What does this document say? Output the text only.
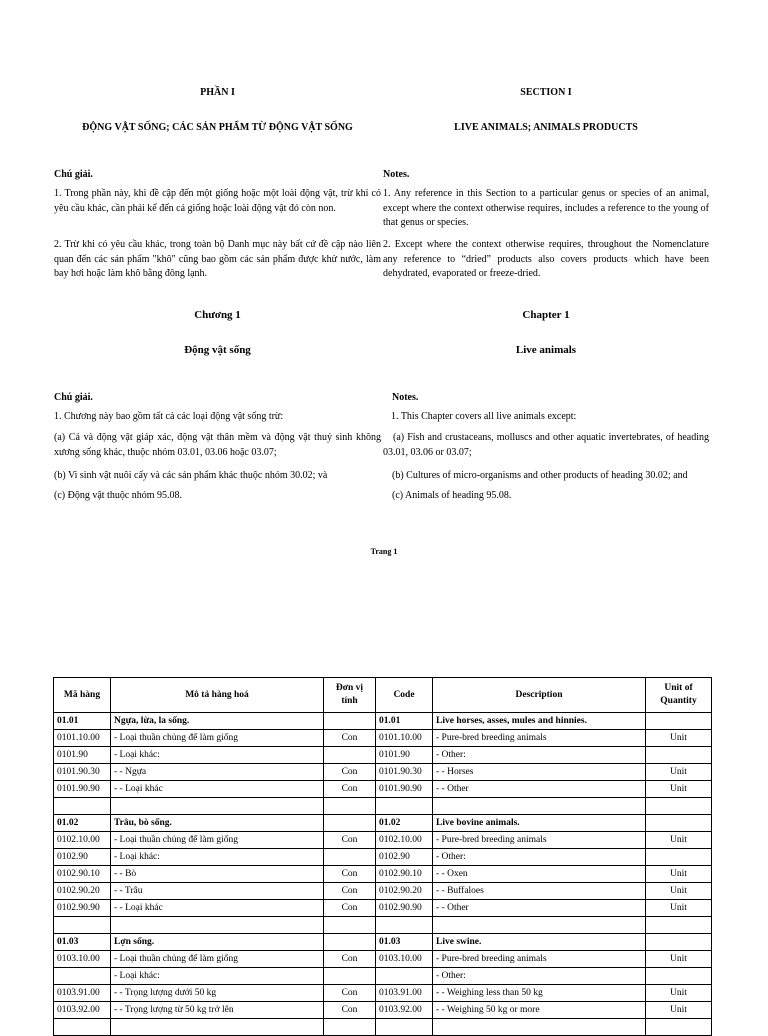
PHẦN I	SECTION I
ĐỘNG VẬT SỐNG; CÁC SẢN PHẨM TỪ ĐỘNG VẬT SỐNG	LIVE ANIMALS; ANIMALS PRODUCTS
Chú giải.	Notes.
1. Trong phần này, khi đề cập đến một giống hoặc một loài động vật, trừ khi có yêu cầu khác, cần phải kể đến cả giống hoặc loài động vật đó còn non.
1. Any reference in this Section to a particular genus or species of an animal, except where the context otherwise requires, includes a reference to the young of that genus or species.
2. Trừ khi có yêu cầu khác, trong toàn bộ Danh mục này bất cứ đề cập nào liên quan đến các sản phẩm "khô" cũng bao gồm các sản phẩm được khử nước, làm bay hơi hoặc làm khô bằng đông lạnh.
2. Except where the context otherwise requires, throughout the Nomenclature any reference to “dried” products also covers products which have been dehydrated, evaporated or freeze-dried.
Chương 1	Chapter 1
Động vật sống	Live animals
Chú giải.	Notes.
1. Chương này bao gồm tất cả các loại động vật sống trừ:	1. This Chapter covers all live animals except:
(a) Cá và động vật giáp xác, động vật thân mềm và động vật thuỷ sinh không xương sống khác, thuộc nhóm 03.01, 03.06 hoặc 03.07;
(a) Fish and crustaceans, molluscs and other aquatic invertebrates, of heading 03.01, 03.06 or 03.07;
(b) Vi sinh vật nuôi cấy và các sản phẩm khác thuộc nhóm 30.02; và	(b) Cultures of micro-organisms and other products of heading 30.02; and
(c) Động vật thuộc nhóm 95.08.	(c) Animals of heading 95.08.
Trang 1
Mã hàng	Mô tả hàng hoá	Đơn vị tính	Code	Description	Unit of Quantity
01.01	Ngựa, lừa, la sống.		01.01	Live horses, asses, mules and hinnies.	
0101.10.00	- Loại thuần chủng để làm giống	Con	0101.10.00	- Pure-bred breeding animals	Unit
0101.90	- Loại khác:		0101.90	- Other:	
0101.90.30	- - Ngựa	Con	0101.90.30	- - Horses	Unit
0101.90.90	- - Loại khác	Con	0101.90.90	- - Other	Unit

01.02	Trâu, bò sống.		01.02	Live bovine animals.	
0102.10.00	- Loại thuần chủng để làm giống	Con	0102.10.00	- Pure-bred breeding animals	Unit
0102.90	- Loại khác:		0102.90	- Other:	
0102.90.10	- - Bò	Con	0102.90.10	- - Oxen	Unit
0102.90.20	- - Trâu	Con	0102.90.20	- - Buffaloes	Unit
0102.90.90	- - Loại khác	Con	0102.90.90	- - Other	Unit

01.03	Lợn sống.		01.03	Live swine.	
0103.10.00	- Loại thuần chủng để làm giống	Con	0103.10.00	- Pure-bred breeding animals	Unit
	- Loại khác:			- Other:	
0103.91.00	- - Trọng lượng dưới 50 kg	Con	0103.91.00	- - Weighing less than 50 kg	Unit
0103.92.00	- - Trọng lượng từ 50 kg trở lên	Con	0103.92.00	- - Weighing 50 kg or more	Unit
